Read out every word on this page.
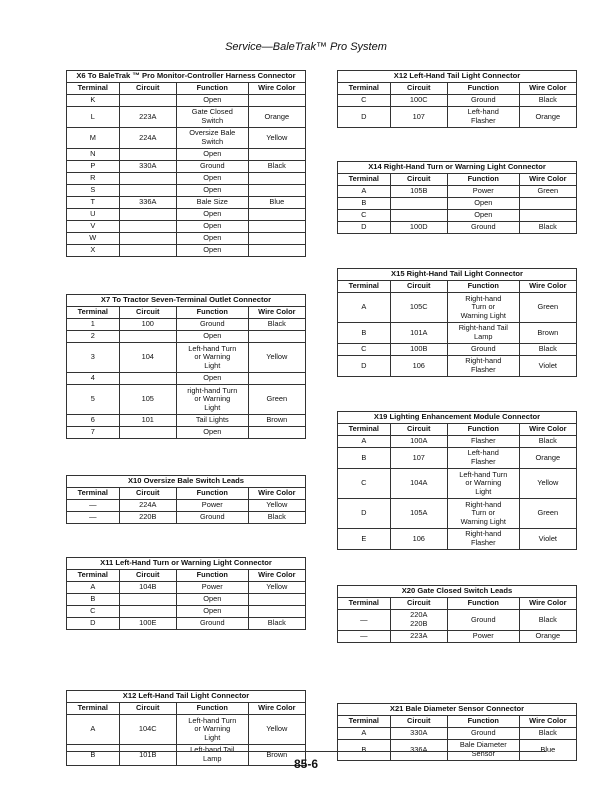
Service—BaleTrak™ Pro System
X6 To BaleTrak ™ Pro Monitor-Controller Harness Connector			
Terminal	Circuit	Function	Wire Color
K		Open	
L	223A	Gate Closed
Switch	Orange
M	224A	Oversize Bale
Switch	Yellow
N		Open	
P	330A	Ground	Black
R		Open	
S		Open	
T	336A	Bale Size	Blue
U		Open	
V		Open	
W		Open	
X		Open	
X7 To Tractor Seven-Terminal Outlet Connector			
Terminal	Circuit	Function	Wire Color
1	100	Ground	Black
2		Open	
3	104	Left-hand Turn
or Warning
Light	Yellow
4		Open	
5	105	right-hand Turn
or Warning
Light	Green
6	101	Tail Lights	Brown
7		Open	
X10 Oversize Bale Switch Leads			
Terminal	Circuit	Function	Wire Color
—	224A	Power	Yellow
—	220B	Ground	Black
X11 Left-Hand Turn or Warning Light Connector			
Terminal	Circuit	Function	Wire Color
A	104B	Power	Yellow
B		Open	
C		Open	
D	100E	Ground	Black
X12 Left-Hand Tail Light Connector			
Terminal	Circuit	Function	Wire Color
A	104C	Left-hand Turn
or Warning
Light	Yellow
B	101B	Left-hand Tail
Lamp	Brown
X12 Left-Hand Tail Light Connector			
Terminal	Circuit	Function	Wire Color
C	100C	Ground	Black
D	107	Left-hand
Flasher	Orange
X14 Right-Hand Turn or Warning Light Connector			
Terminal	Circuit	Function	Wire Color
A	105B	Power	Green
B		Open	
C		Open	
D	100D	Ground	Black
X15 Right-Hand Tail Light Connector			
Terminal	Circuit	Function	Wire Color
A	105C	Right-hand
Turn or
Warning Light	Green
B	101A	Right-hand Tail
Lamp	Brown
C	100B	Ground	Black
D	106	Right-hand
Flasher	Violet
X19 Lighting Enhancement Module Connector			
Terminal	Circuit	Function	Wire Color
A	100A	Flasher	Black
B	107	Left-hand
Flasher	Orange
C	104A	Left-hand Turn
or Warning
Light	Yellow
D	105A	Right-hand
Turn or
Warning Light	Green
E	106	Right-hand
Flasher	Violet
X20 Gate Closed Switch Leads			
Terminal	Circuit	Function	Wire Color
—	220A
220B	Ground	Black
—	223A	Power	Orange
X21 Bale Diameter Sensor Connector			
Terminal	Circuit	Function	Wire Color
A	330A	Ground	Black
B	336A	Bale Diameter
Sensor	Blue
85-6
